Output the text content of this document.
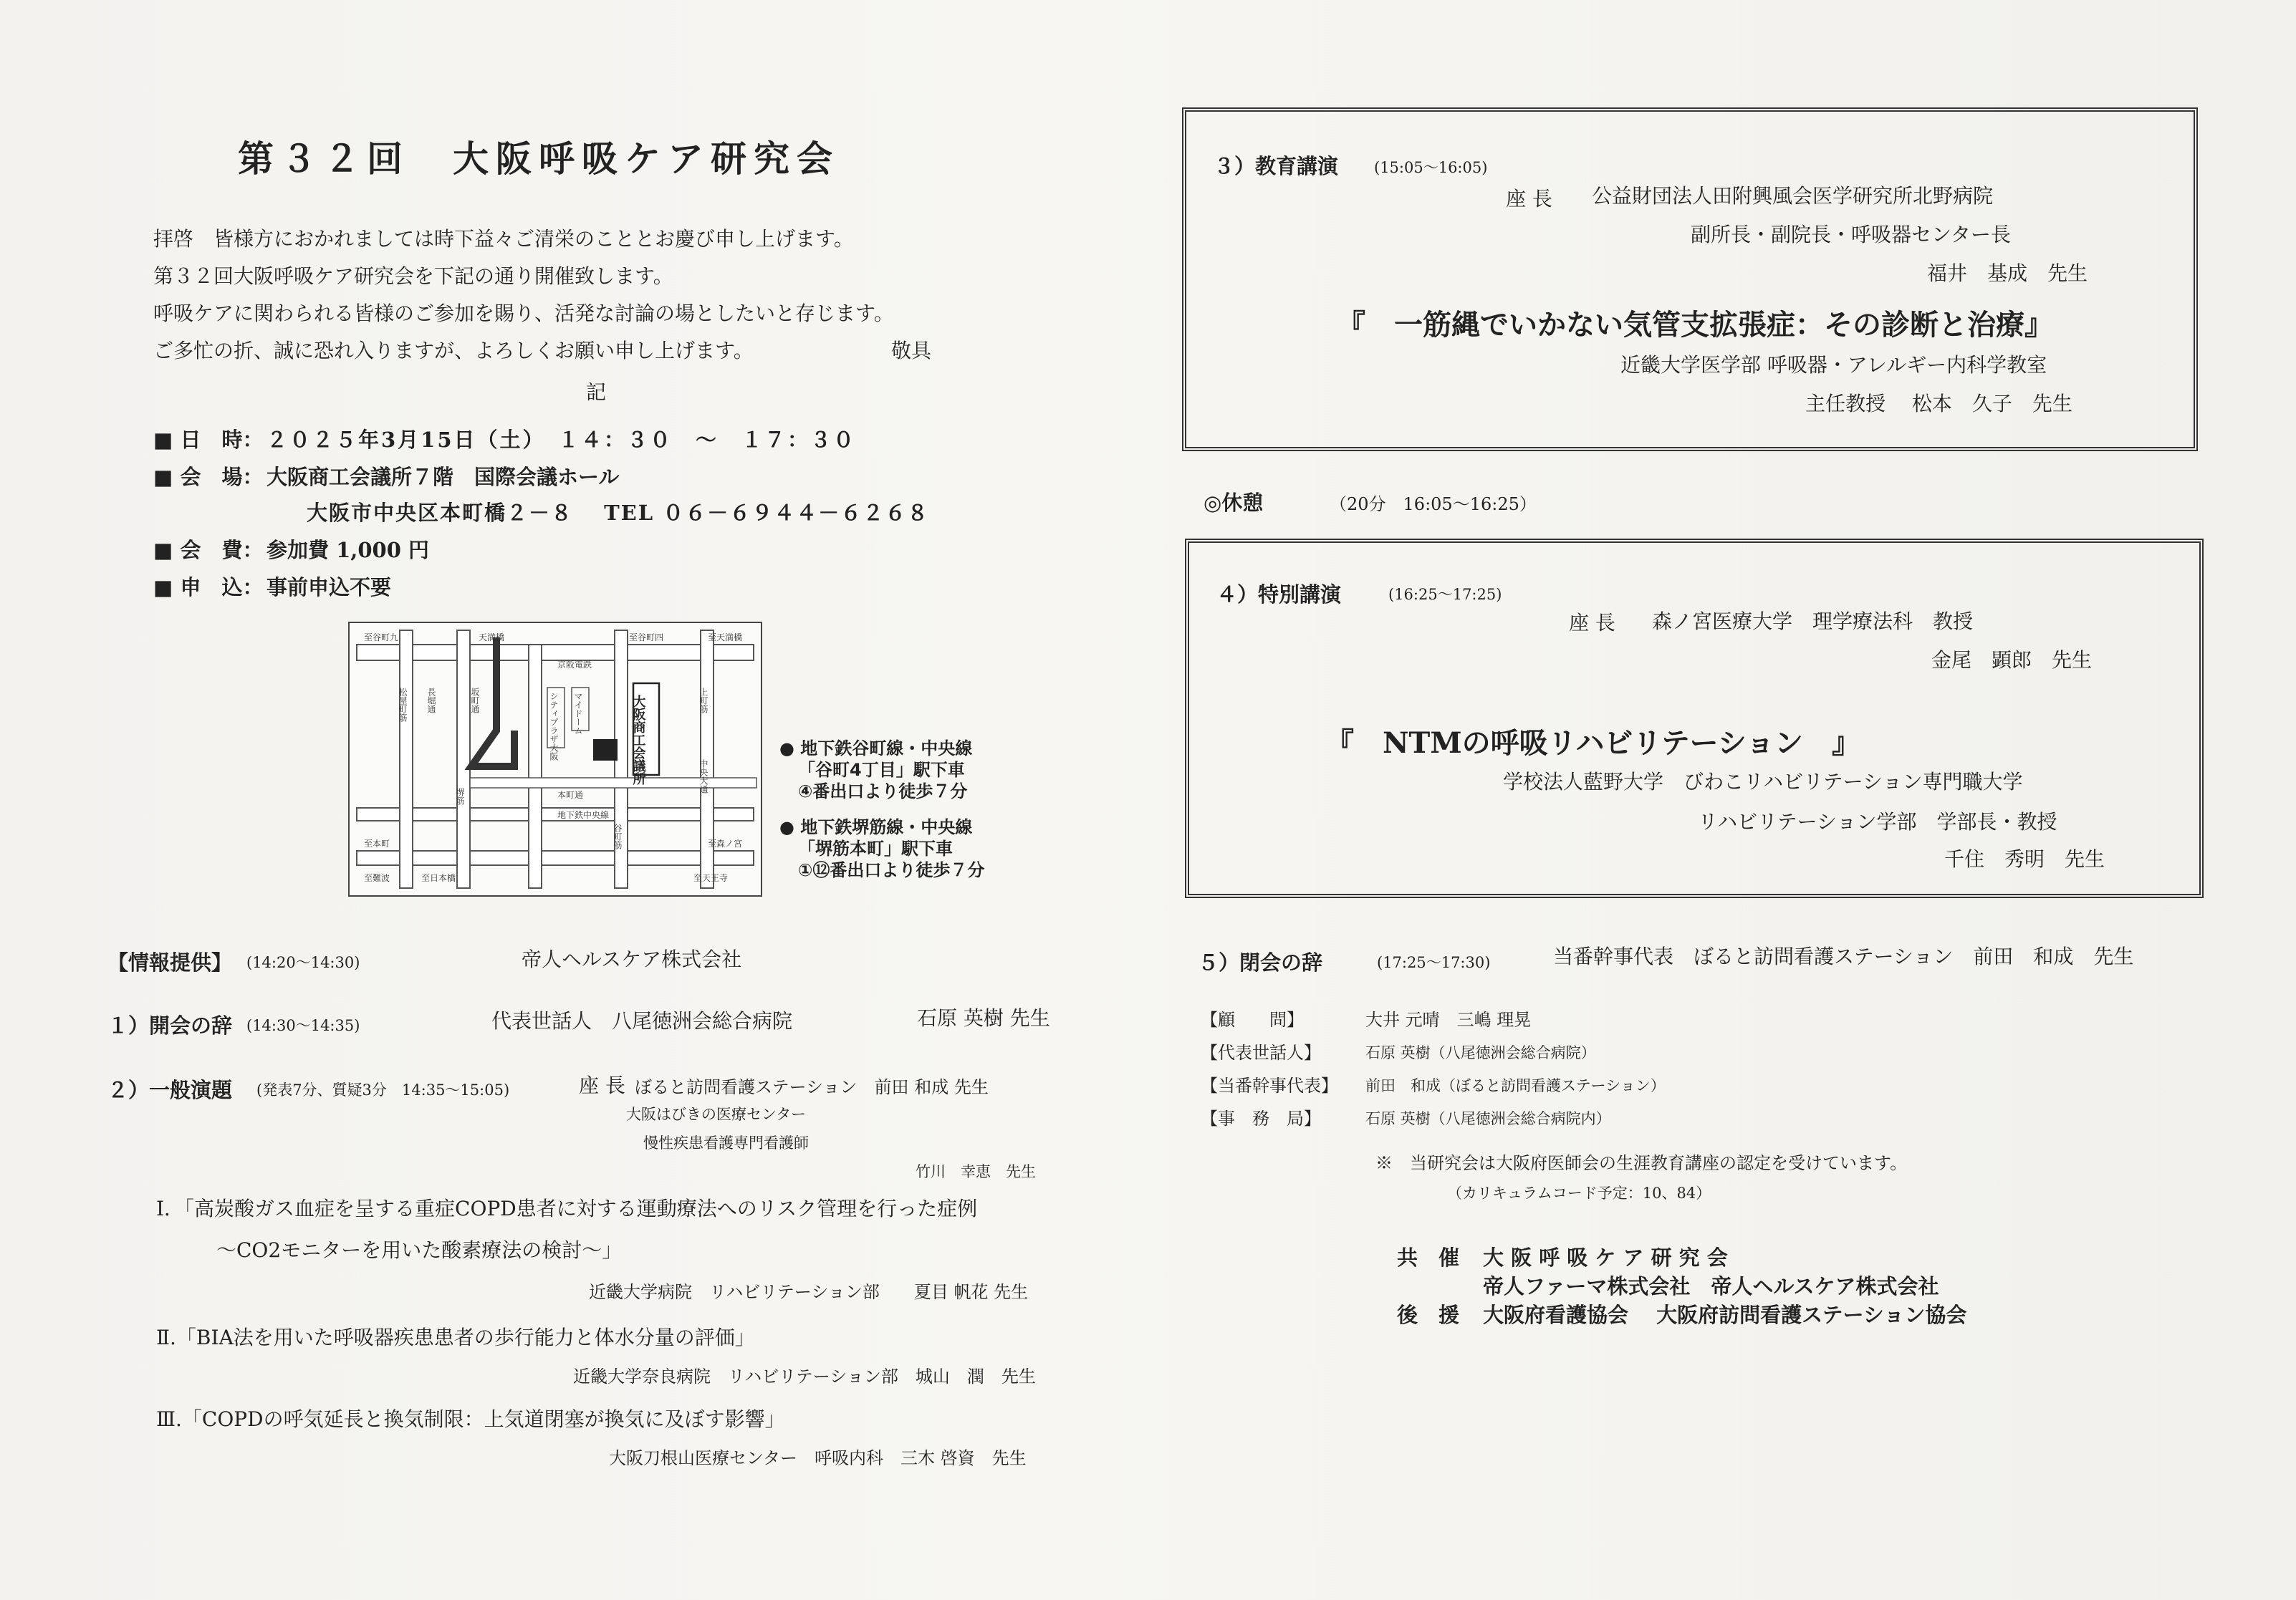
第３２回　大阪呼吸ケア研究会
拝啓　皆様方におかれましては時下益々ご清栄のこととお慶び申し上げます。
第３２回大阪呼吸ケア研究会を下記の通り開催致します。
呼吸ケアに関わられる皆様のご参加を賜り、活発な討論の場としたいと存じます。
ご多忙の折、誠に恐れ入りますが、よろしくお願い申し上げます。	敬具
記
■ 日　時： ２０２５年3月15日（土）　１４：３０　～　１７：３０
■ 会　場： 大阪商工会議所７階　国際会議ホール
大阪市中央区本町橋２－８　 TEL ０６－６９４４－６２６８
■ 会　費： 参加費 1,000 円
■ 申　込： 事前申込不要
大阪商工会議所
シティプラザ大阪 マイドーム
京阪電鉄
至谷町九	至谷町四	至天満橋
天満橋
本町通
地下鉄中央線
坂町通
松屋町筋
谷町筋
堺筋
上町筋
中央大通
長堀通
至本町	至森ノ宮
至日本橋	至天王寺
至難波
● 地下鉄谷町線・中央線
「谷町4丁目」駅下車
④番出口より徒歩７分
● 地下鉄堺筋線・中央線
「堺筋本町」駅下車
①⑫番出口より徒歩７分
【情報提供】 (14:20～14:30)	帝人ヘルスケア株式会社
１）開会の辞 (14:30～14:35)	代表世話人　八尾徳洲会総合病院	石原 英樹 先生
２）一般演題 (発表7分、質疑3分　14:35～15:05)	座 長 ぼると訪問看護ステーション　前田 和成 先生
大阪はびきの医療センター
慢性疾患看護専門看護師
竹川　幸恵　先生
Ⅰ．「高炭酸ガス血症を呈する重症COPD患者に対する運動療法へのリスク管理を行った症例
～CO2モニターを用いた酸素療法の検討～」
近畿大学病院　リハビリテーション部　　夏目 帆花 先生
Ⅱ.「BIA法を用いた呼吸器疾患患者の歩行能力と体水分量の評価」
近畿大学奈良病院　リハビリテーション部　城山　潤　先生
Ⅲ.「COPDの呼気延長と換気制限：上気道閉塞が換気に及ぼす影響」
大阪刀根山医療センター　呼吸内科　三木 啓資　先生
３）教育講演 (15:05～16:05)
座 長 公益財団法人田附興風会医学研究所北野病院
副所長・副院長・呼吸器センター長
福井　基成　先生
『　一筋縄でいかない気管支拡張症：その診断と治療』
近畿大学医学部 呼吸器・アレルギー内科学教室
主任教授　 松本　久子　先生
◎休憩	（20分　16:05～16:25）
４）特別講演	(16:25～17:25)
座 長 森ノ宮医療大学　理学療法科　教授
金尾　顕郎　先生
『　NTMの呼吸リハビリテーション　』
学校法人藍野大学　びわこリハビリテーション専門職大学
リハビリテーション学部　学部長・教授
千住　秀明　先生
５）閉会の辞	(17:25～17:30)	当番幹事代表　ぼると訪問看護ステーション　前田　和成　先生
【顧　　問】	大井 元晴　三嶋 理晃
【代表世話人】	石原 英樹（八尾徳洲会総合病院）
【当番幹事代表】 前田　和成（ぼると訪問看護ステーション）
【事　務　局】	石原 英樹（八尾徳洲会総合病院内）
※　当研究会は大阪府医師会の生涯教育講座の認定を受けています。
（カリキュラムコード予定：10、84）
共　催 大 阪 呼 吸 ケ ア 研 究 会
帝人ファーマ株式会社　帝人ヘルスケア株式会社
後　援 大阪府看護協会　 大阪府訪問看護ステーション協会
